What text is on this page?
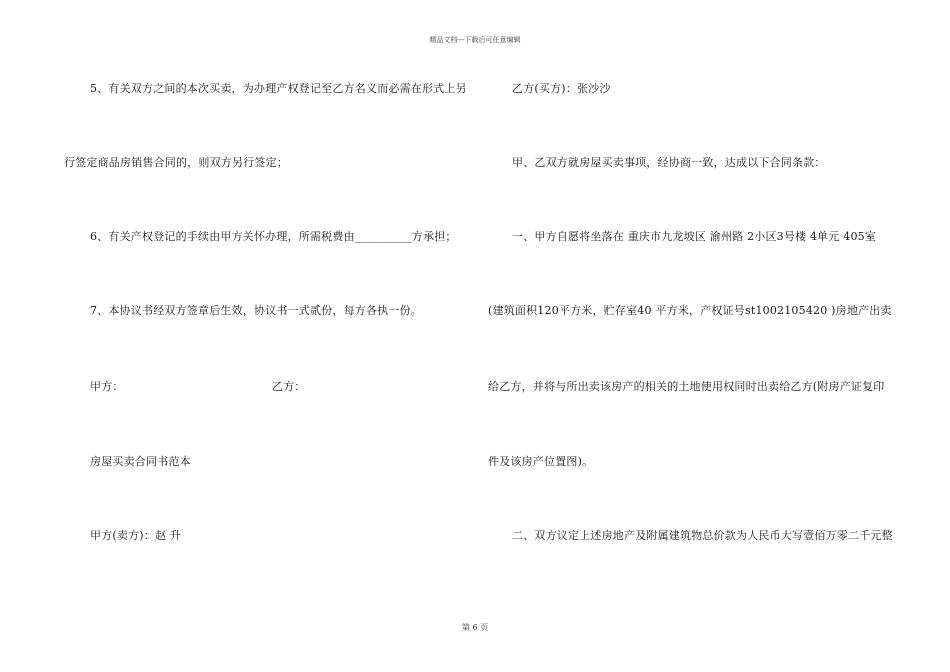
精品文档---下载后可任意编辑
5、有关双方之间的本次买卖，为办理产权登记至乙方名义而必需在形式上另
行签定商品房销售合同的，则双方另行签定；
6、有关产权登记的手续由甲方关怀办理，所需税费由__________方承担；
7、本协议书经双方签章后生效，协议书一式贰份，每方各执一份。
甲方：	乙方：
房屋买卖合同书范本
甲方(卖方)：赵 升
乙方(买方)：张沙沙
甲、乙双方就房屋买卖事项，经协商一致，达成以下合同条款：
一、甲方自愿将坐落在 重庆市九龙坡区 渝州路 2小区3号楼 4单元 405室
(建筑面积120平方米，贮存室40 平方米，产权证号st1002105420 )房地产出卖
给乙方，并将与所出卖该房产的相关的土地使用权同时出卖给乙方(附房产证复印
件及该房产位置图)。
二、双方议定上述房地产及附属建筑物总价款为人民币大写壹佰万零二千元整
第 6 页
